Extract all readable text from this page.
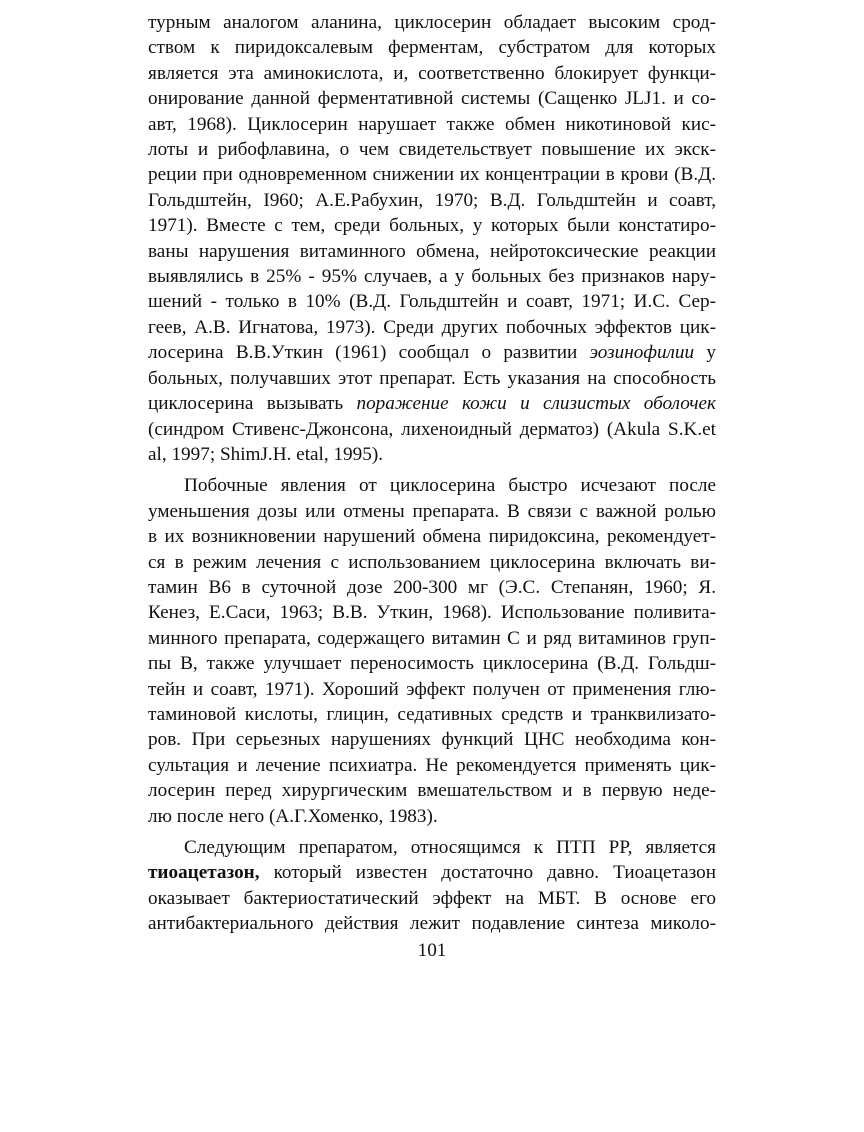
турным аналогом аланина, циклосерин обладает высоким срод-
ством к пиридоксалевым ферментам, субстратом для которых
является эта аминокислота, и, соответственно блокирует функци-
онирование данной ферментативной системы (Сащенко JLJ1. и со-
авт, 1968). Циклосерин нарушает также обмен никотиновой кис-
лоты и рибофлавина, о чем свидетельствует повышение их экск-
реции при одновременном снижении их концентрации в крови (В.Д.
Гольдштейн, I960; А.Е.Рабухин, 1970; В.Д. Гольдштейн и соавт,
1971). Вместе с тем, среди больных, у которых были констатиро-
ваны нарушения витаминного обмена, нейротоксические реакции
выявлялись в 25% - 95% случаев, а у больных без признаков нару-
шений - только в 10% (В.Д. Гольдштейн и соавт, 1971; И.С. Сер-
геев, А.В. Игнатова, 1973). Среди других побочных эффектов цик-
лосерина В.В.Уткин (1961) сообщал о развитии эозинофилии у
больных, получавших этот препарат. Есть указания на способность
циклосерина вызывать поражение кожи и слизистых оболочек
(синдром Стивенс-Джонсона, лихеноидный дерматоз) (Akula S.K.et
al, 1997; ShimJ.H. etal, 1995).
Побочные явления от циклосерина быстро исчезают после
уменьшения дозы или отмены препарата. В связи с важной ролью
в их возникновении нарушений обмена пиридоксина, рекомендует-
ся в режим лечения с использованием циклосерина включать ви-
тамин В6 в суточной дозе 200-300 мг (Э.С. Степанян, 1960; Я.
Кенез, Е.Саси, 1963; В.В. Уткин, 1968). Использование поливита-
минного препарата, содержащего витамин С и ряд витаминов груп-
пы В, также улучшает переносимость циклосерина (В.Д. Гольдш-
тейн и соавт, 1971). Хороший эффект получен от применения глю-
таминовой кислоты, глицин, седативных средств и транквилизато-
ров. При серьезных нарушениях функций ЦНС необходима кон-
сультация и лечение психиатра. Не рекомендуется применять цик-
лосерин перед хирургическим вмешательством и в первую неде-
лю после него (А.Г.Хоменко, 1983).
Следующим препаратом, относящимся к ПТП РР, является
тиоацетазон, который известен достаточно давно. Тиоацетазон
оказывает бактериостатический эффект на МБТ. В основе его
антибактериального действия лежит подавление синтеза миколо-
101
